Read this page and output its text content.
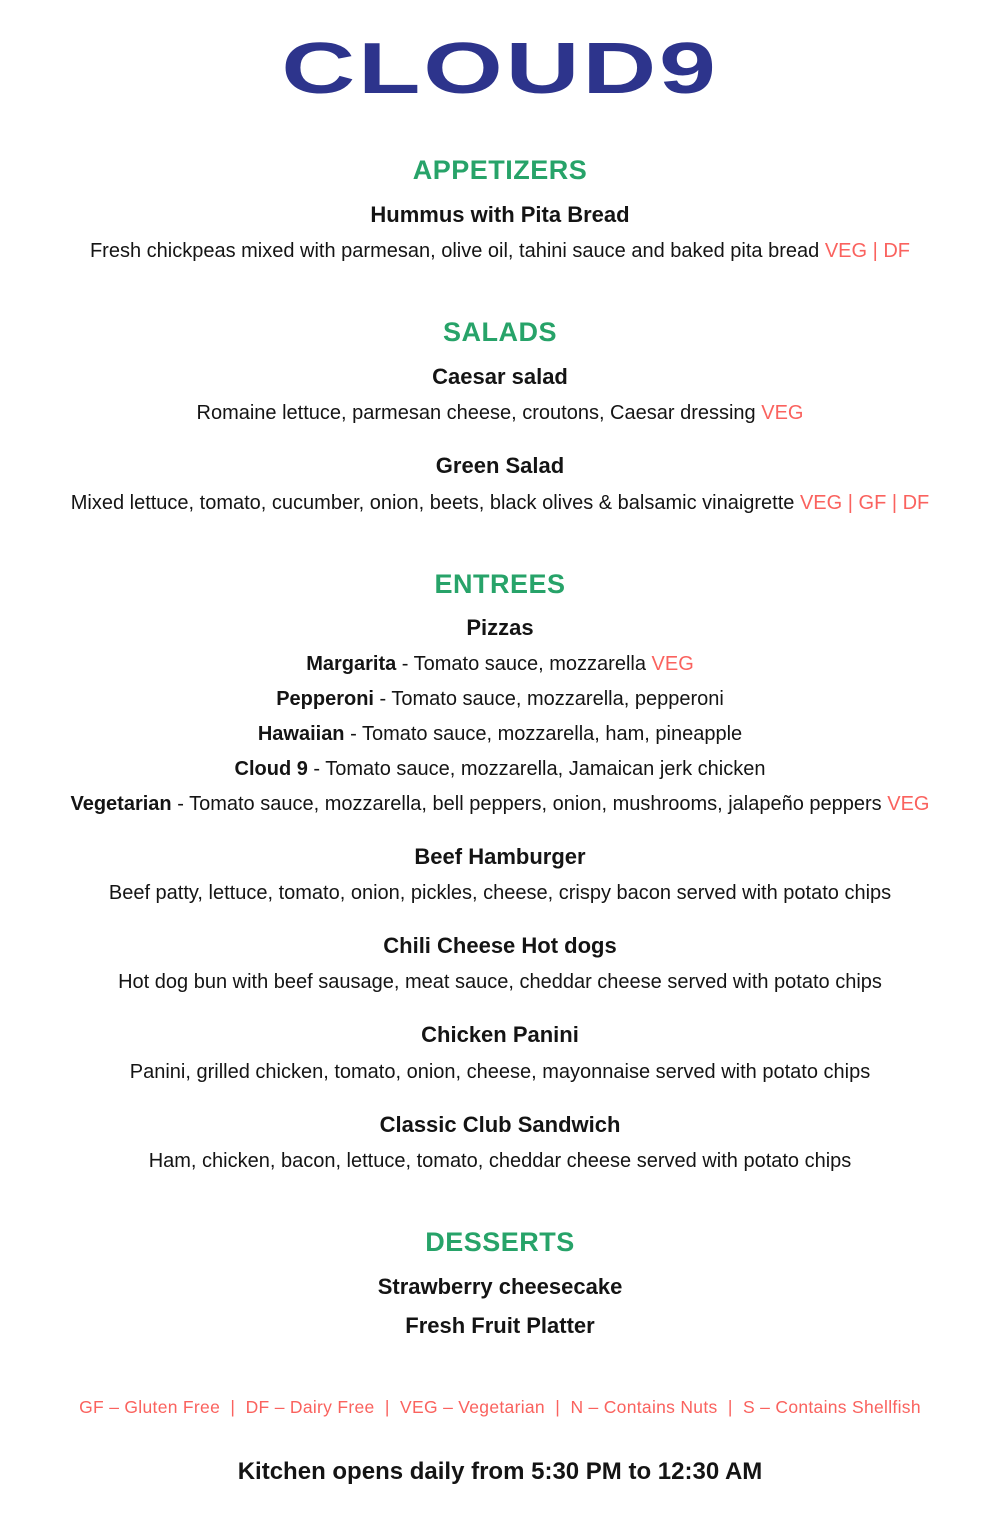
CLOUD9
APPETIZERS
Hummus with Pita Bread
Fresh chickpeas mixed with parmesan, olive oil, tahini sauce and baked pita bread VEG | DF
SALADS
Caesar salad
Romaine lettuce, parmesan cheese, croutons, Caesar dressing VEG
Green Salad
Mixed lettuce, tomato, cucumber, onion, beets, black olives & balsamic vinaigrette VEG | GF | DF
ENTREES
Pizzas
Margarita - Tomato sauce, mozzarella VEG
Pepperoni - Tomato sauce, mozzarella, pepperoni
Hawaiian - Tomato sauce, mozzarella, ham, pineapple
Cloud 9 - Tomato sauce, mozzarella, Jamaican jerk chicken
Vegetarian - Tomato sauce, mozzarella, bell peppers, onion, mushrooms, jalapeño peppers VEG
Beef Hamburger
Beef patty, lettuce, tomato, onion, pickles, cheese, crispy bacon served with potato chips
Chili Cheese Hot dogs
Hot dog bun with beef sausage, meat sauce, cheddar cheese served with potato chips
Chicken Panini
Panini, grilled chicken, tomato, onion, cheese, mayonnaise served with potato chips
Classic Club Sandwich
Ham, chicken, bacon, lettuce, tomato, cheddar cheese served with potato chips
DESSERTS
Strawberry cheesecake
Fresh Fruit Platter
GF – Gluten Free  |  DF – Dairy Free  |  VEG – Vegetarian  |  N – Contains Nuts  |  S – Contains Shellfish
Kitchen opens daily from 5:30 PM to 12:30 AM
